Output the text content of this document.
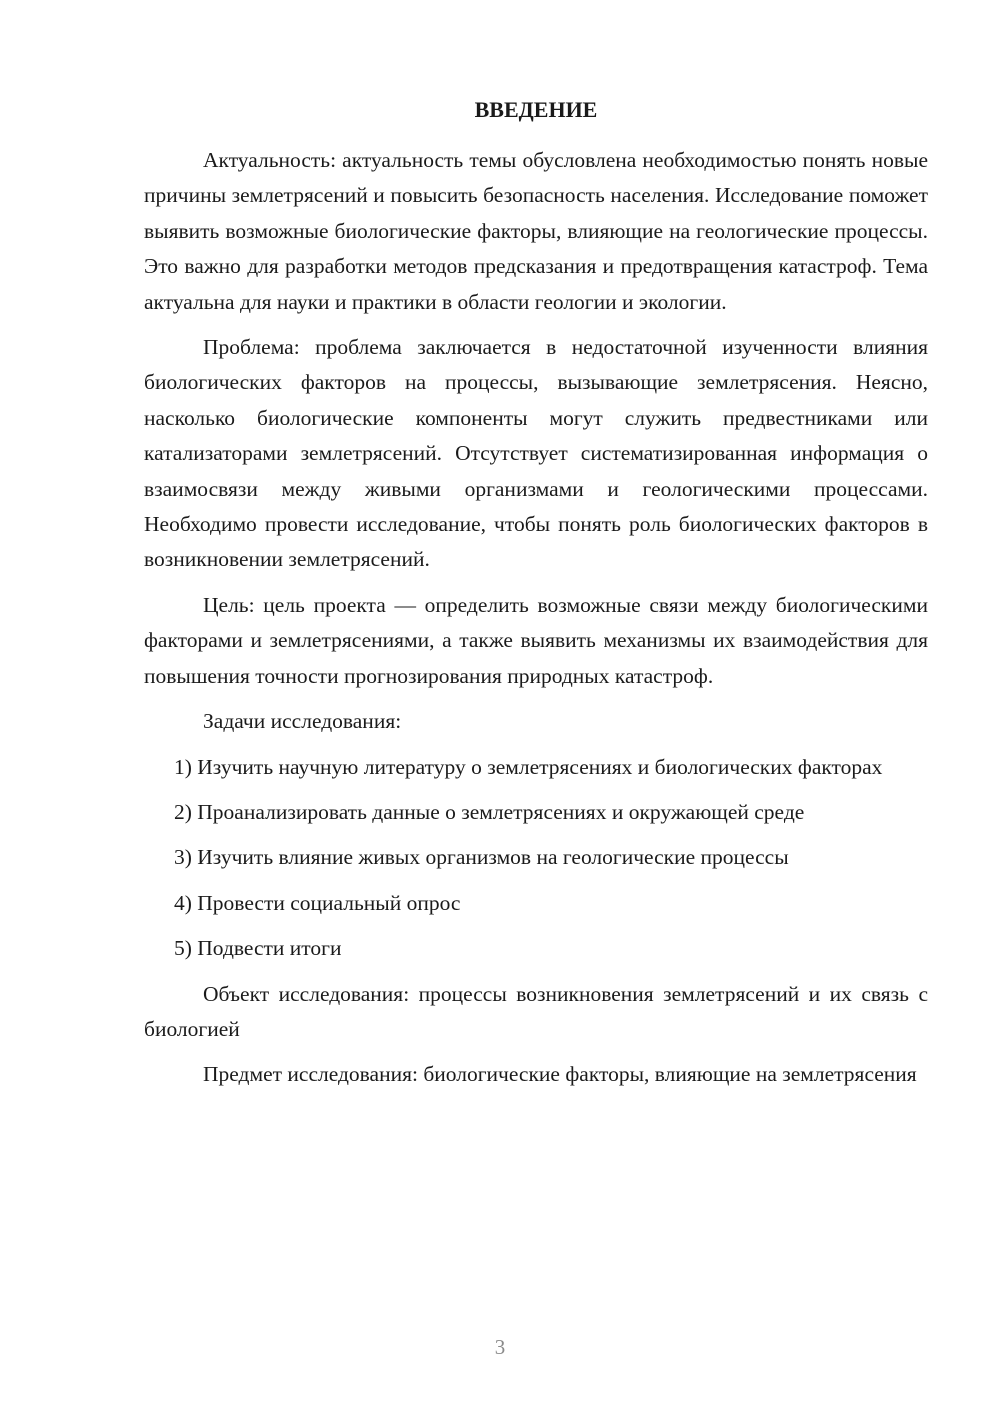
ВВЕДЕНИЕ

Актуальность: актуальность темы обусловлена необходимостью понять новые причины землетрясений и повысить безопасность населения. Исследование поможет выявить возможные биологические факторы, влияющие на геологические процессы. Это важно для разработки методов предсказания и предотвращения катастроф. Тема актуальна для науки и практики в области геологии и экологии.

Проблема: проблема заключается в недостаточной изученности влияния биологических факторов на процессы, вызывающие землетрясения. Неясно, насколько биологические компоненты могут служить предвестниками или катализаторами землетрясений. Отсутствует систематизированная информация о взаимосвязи между живыми организмами и геологическими процессами. Необходимо провести исследование, чтобы понять роль биологических факторов в возникновении землетрясений.

Цель: цель проекта — определить возможные связи между биологическими факторами и землетрясениями, а также выявить механизмы их взаимодействия для повышения точности прогнозирования природных катастроф.

Задачи исследования:

1) Изучить научную литературу о землетрясениях и биологических факторах

2) Проанализировать данные о землетрясениях и окружающей среде

3) Изучить влияние живых организмов на геологические процессы

4) Провести социальный опрос

5) Подвести итоги

Объект исследования: процессы возникновения землетрясений и их связь с биологией

Предмет исследования: биологические факторы, влияющие на землетрясения

3
